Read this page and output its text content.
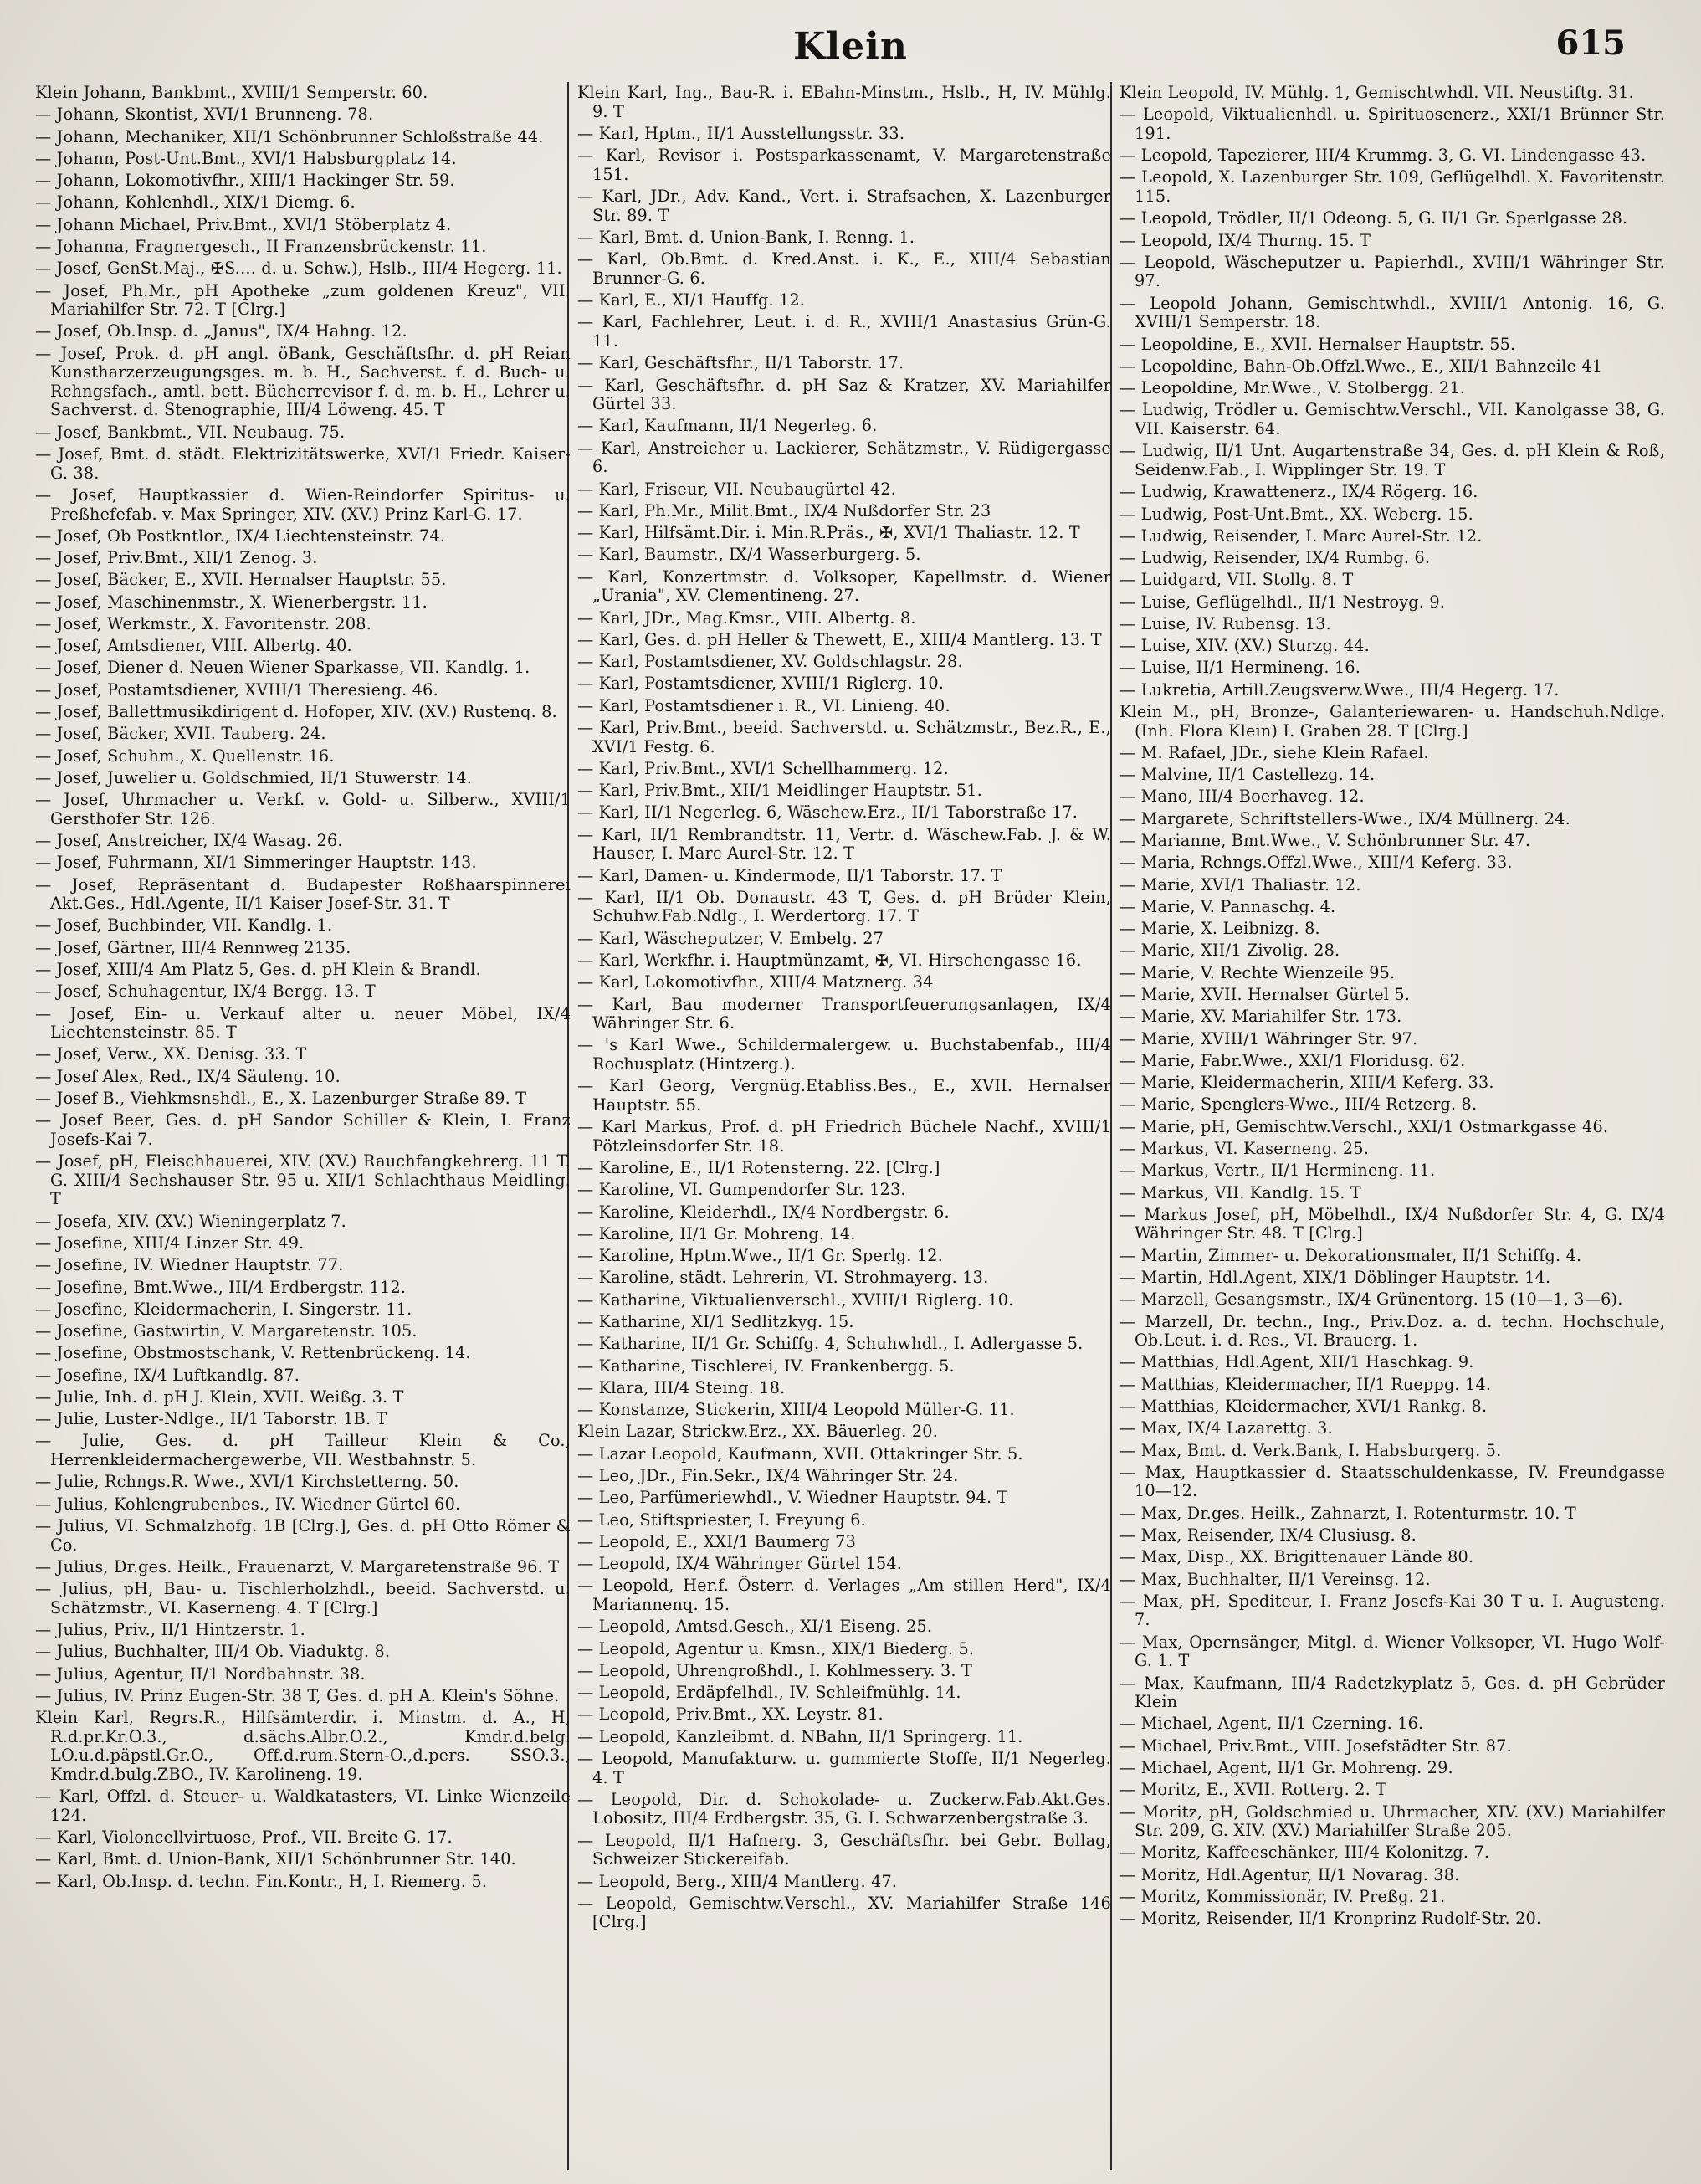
Klein	615
Klein Johann, Bankbmt., XVIII/1 Semperstr. 60.
— Johann, Skontist, XVI/1 Brunneng. 78.
— Johann, Mechaniker, XII/1 Schönbrunner Schloßstraße 44.
— Johann, Post-Unt.Bmt., XVI/1 Habsburgplatz 14.
— Johann, Lokomotivfhr., XIII/1 Hackinger Str. 59.
— Johann, Kohlenhdl., XIX/1 Diemg. 6.
— Johann Michael, Priv.Bmt., XVI/1 Stöberplatz 4.
— Johanna, Fragnergesch., II Franzensbrückenstr. 11.
— Josef, GenSt.Maj., ✠S.... d. u. Schw.), Hslb., III/4 Hegerg. 11.
— Josef, Ph.Mr., pH Apotheke „zum goldenen Kreuz", VII. Mariahilfer Str. 72. T [Clrg.]
— Josef, Ob.Insp. d. „Janus", IX/4 Hahng. 12.
— Josef, Prok. d. pH angl. öBank, Geschäftsfhr. d. pH Reian Kunstharzerzeugungsges. m. b. H., Sachverst. f. d. Buch- u. Rchngsfach., amtl. bett. Bücherrevisor f. d. m. b. H., Lehrer u. Sachverst. d. Stenographie, III/4 Löweng. 45. T
— Josef, Bankbmt., VII. Neubaug. 75.
— Josef, Bmt. d. städt. Elektrizitätswerke, XVI/1 Friedr. Kaiser-G. 38.
— Josef, Hauptkassier d. Wien-Reindorfer Spiritus- u. Preßhefefab. v. Max Springer, XIV. (XV.) Prinz Karl-G. 17.
— Josef, Ob Postkntlor., IX/4 Liechtensteinstr. 74.
— Josef, Priv.Bmt., XII/1 Zenog. 3.
— Josef, Bäcker, E., XVII. Hernalser Hauptstr. 55.
— Josef, Maschinenmstr., X. Wienerbergstr. 11.
— Josef, Werkmstr., X. Favoritenstr. 208.
— Josef, Amtsdiener, VIII. Albertg. 40.
— Josef, Diener d. Neuen Wiener Sparkasse, VII. Kandlg. 1.
— Josef, Postamtsdiener, XVIII/1 Theresieng. 46.
— Josef, Ballettmusikdirigent d. Hofoper, XIV. (XV.) Rustenq. 8.
— Josef, Bäcker, XVII. Tauberg. 24.
— Josef, Schuhm., X. Quellenstr. 16.
— Josef, Juwelier u. Goldschmied, II/1 Stuwerstr. 14.
— Josef, Uhrmacher u. Verkf. v. Gold- u. Silberw., XVIII/1 Gersthofer Str. 126.
— Josef, Anstreicher, IX/4 Wasag. 26.
— Josef, Fuhrmann, XI/1 Simmeringer Hauptstr. 143.
— Josef, Repräsentant d. Budapester Roßhaarspinnerei Akt.Ges., Hdl.Agente, II/1 Kaiser Josef-Str. 31. T
— Josef, Buchbinder, VII. Kandlg. 1.
— Josef, Gärtner, III/4 Rennweg 2135.
— Josef, XIII/4 Am Platz 5, Ges. d. pH Klein & Brandl.
— Josef, Schuhagentur, IX/4 Bergg. 13. T
— Josef, Ein- u. Verkauf alter u. neuer Möbel, IX/4 Liechtensteinstr. 85. T
— Josef, Verw., XX. Denisg. 33. T
— Josef Alex, Red., IX/4 Säuleng. 10.
— Josef B., Viehkmsnshdl., E., X. Lazenburger Straße 89. T
— Josef Beer, Ges. d. pH Sandor Schiller & Klein, I. Franz Josefs-Kai 7.
— Josef, pH, Fleischhauerei, XIV. (XV.) Rauchfangkehrerg. 11 T. G. XIII/4 Sechshauser Str. 95 u. XII/1 Schlachthaus Meidling. T
— Josefa, XIV. (XV.) Wieningerplatz 7.
— Josefine, XIII/4 Linzer Str. 49.
— Josefine, IV. Wiedner Hauptstr. 77.
— Josefine, Bmt.Wwe., III/4 Erdbergstr. 112.
— Josefine, Kleidermacherin, I. Singerstr. 11.
— Josefine, Gastwirtin, V. Margaretenstr. 105.
— Josefine, Obstmostschank, V. Rettenbrückeng. 14.
— Josefine, IX/4 Luftkandlg. 87.
— Julie, Inh. d. pH J. Klein, XVII. Weißg. 3. T
— Julie, Luster-Ndlge., II/1 Taborstr. 1B. T
— Julie, Ges. d. pH Tailleur Klein & Co., Herrenkleidermachergewerbe, VII. Westbahnstr. 5.
— Julie, Rchngs.R. Wwe., XVI/1 Kirchstetterng. 50.
— Julius, Kohlengrubenbes., IV. Wiedner Gürtel 60.
— Julius, VI. Schmalzhofg. 1B [Clrg.], Ges. d. pH Otto Römer & Co.
— Julius, Dr.ges. Heilk., Frauenarzt, V. Margaretenstraße 96. T
— Julius, pH, Bau- u. Tischlerholzhdl., beeid. Sachverstd. u. Schätzmstr., VI. Kaserneng. 4. T [Clrg.]
— Julius, Priv., II/1 Hintzerstr. 1.
— Julius, Buchhalter, III/4 Ob. Viaduktg. 8.
— Julius, Agentur, II/1 Nordbahnstr. 38.
— Julius, IV. Prinz Eugen-Str. 38 T, Ges. d. pH A. Klein's Söhne.
Klein Karl, Regrs.R., Hilfsämterdir. i. Minstm. d. A., H, R.d.pr.Kr.O.3., d.sächs.Albr.O.2., Kmdr.d.belg. LO.u.d.päpstl.Gr.O., Off.d.rum.Stern-O.,d.pers. SSO.3., Kmdr.d.bulg.ZBO., IV. Karolineng. 19.
— Karl, Offzl. d. Steuer- u. Waldkatasters, VI. Linke Wienzeile 124.
— Karl, Violoncellvirtuose, Prof., VII. Breite G. 17.
— Karl, Bmt. d. Union-Bank, XII/1 Schönbrunner Str. 140.
— Karl, Ob.Insp. d. techn. Fin.Kontr., H, I. Riemerg. 5.
Klein Karl, Ing., Bau-R. i. EBahn-Minstm., Hslb., H, IV. Mühlg. 9. T
— Karl, Hptm., II/1 Ausstellungsstr. 33.
— Karl, Revisor i. Postsparkassenamt, V. Margaretenstraße 151.
— Karl, JDr., Adv. Kand., Vert. i. Strafsachen, X. Lazenburger Str. 89. T
— Karl, Bmt. d. Union-Bank, I. Renng. 1.
— Karl, Ob.Bmt. d. Kred.Anst. i. K., E., XIII/4 Sebastian Brunner-G. 6.
— Karl, E., XI/1 Hauffg. 12.
— Karl, Fachlehrer, Leut. i. d. R., XVIII/1 Anastasius Grün-G. 11.
— Karl, Geschäftsfhr., II/1 Taborstr. 17.
— Karl, Geschäftsfhr. d. pH Saz & Kratzer, XV. Mariahilfer Gürtel 33.
— Karl, Kaufmann, II/1 Negerleg. 6.
— Karl, Anstreicher u. Lackierer, Schätzmstr., V. Rüdigergasse 6.
— Karl, Friseur, VII. Neubaugürtel 42.
— Karl, Ph.Mr., Milit.Bmt., IX/4 Nußdorfer Str. 23
— Karl, Hilfsämt.Dir. i. Min.R.Präs., ✠, XVI/1 Thaliastr. 12. T
— Karl, Baumstr., IX/4 Wasserburgerg. 5.
— Karl, Konzertmstr. d. Volksoper, Kapellmstr. d. Wiener „Urania", XV. Clementineng. 27.
— Karl, JDr., Mag.Kmsr., VIII. Albertg. 8.
— Karl, Ges. d. pH Heller & Thewett, E., XIII/4 Mantlerg. 13. T
— Karl, Postamtsdiener, XV. Goldschlagstr. 28.
— Karl, Postamtsdiener, XVIII/1 Riglerg. 10.
— Karl, Postamtsdiener i. R., VI. Linieng. 40.
— Karl, Priv.Bmt., beeid. Sachverstd. u. Schätzmstr., Bez.R., E., XVI/1 Festg. 6.
— Karl, Priv.Bmt., XVI/1 Schellhammerg. 12.
— Karl, Priv.Bmt., XII/1 Meidlinger Hauptstr. 51.
— Karl, II/1 Negerleg. 6, Wäschew.Erz., II/1 Taborstraße 17.
— Karl, II/1 Rembrandtstr. 11, Vertr. d. Wäschew.Fab. J. & W. Hauser, I. Marc Aurel-Str. 12. T
— Karl, Damen- u. Kindermode, II/1 Taborstr. 17. T
— Karl, II/1 Ob. Donaustr. 43 T, Ges. d. pH Brüder Klein, Schuhw.Fab.Ndlg., I. Werdertorg. 17. T
— Karl, Wäscheputzer, V. Embelg. 27
— Karl, Werkfhr. i. Hauptmünzamt, ✠, VI. Hirschengasse 16.
— Karl, Lokomotivfhr., XIII/4 Matznerg. 34
— Karl, Bau moderner Transportfeuerungsanlagen, IX/4 Währinger Str. 6.
— 's Karl Wwe., Schildermalergew. u. Buchstabenfab., III/4 Rochusplatz (Hintzerg.).
— Karl Georg, Vergnüg.Etabliss.Bes., E., XVII. Hernalser Hauptstr. 55.
— Karl Markus, Prof. d. pH Friedrich Büchele Nachf., XVIII/1 Pötzleinsdorfer Str. 18.
— Karoline, E., II/1 Rotensterng. 22. [Clrg.]
— Karoline, VI. Gumpendorfer Str. 123.
— Karoline, Kleiderhdl., IX/4 Nordbergstr. 6.
— Karoline, II/1 Gr. Mohreng. 14.
— Karoline, Hptm.Wwe., II/1 Gr. Sperlg. 12.
— Karoline, städt. Lehrerin, VI. Strohmayerg. 13.
— Katharine, Viktualienverschl., XVIII/1 Riglerg. 10.
— Katharine, XI/1 Sedlitzkyg. 15.
— Katharine, II/1 Gr. Schiffg. 4, Schuhwhdl., I. Adlergasse 5.
— Katharine, Tischlerei, IV. Frankenbergg. 5.
— Klara, III/4 Steing. 18.
— Konstanze, Stickerin, XIII/4 Leopold Müller-G. 11.
Klein Lazar, Strickw.Erz., XX. Bäuerleg. 20.
— Lazar Leopold, Kaufmann, XVII. Ottakringer Str. 5.
— Leo, JDr., Fin.Sekr., IX/4 Währinger Str. 24.
— Leo, Parfümeriewhdl., V. Wiedner Hauptstr. 94. T
— Leo, Stiftspriester, I. Freyung 6.
— Leopold, E., XXI/1 Baumerg 73
— Leopold, IX/4 Währinger Gürtel 154.
— Leopold, Her.f. Österr. d. Verlages „Am stillen Herd", IX/4 Mariannenq. 15.
— Leopold, Amtsd.Gesch., XI/1 Eiseng. 25.
— Leopold, Agentur u. Kmsn., XIX/1 Biederg. 5.
— Leopold, Uhrengroßhdl., I. Kohlmessery. 3. T
— Leopold, Erdäpfelhdl., IV. Schleifmühlg. 14.
— Leopold, Priv.Bmt., XX. Leystr. 81.
— Leopold, Kanzleibmt. d. NBahn, II/1 Springerg. 11.
— Leopold, Manufakturw. u. gummierte Stoffe, II/1 Negerleg. 4. T
— Leopold, Dir. d. Schokolade- u. Zuckerw.Fab.Akt.Ges. Lobositz, III/4 Erdbergstr. 35, G. I. Schwarzenbergstraße 3.
— Leopold, II/1 Hafnerg. 3, Geschäftsfhr. bei Gebr. Bollag, Schweizer Stickereifab.
— Leopold, Berg., XIII/4 Mantlerg. 47.
— Leopold, Gemischtw.Verschl., XV. Mariahilfer Straße 146 [Clrg.]
Klein Leopold, IV. Mühlg. 1, Gemischtwhdl. VII. Neustiftg. 31.
— Leopold, Viktualienhdl. u. Spirituosenerz., XXI/1 Brünner Str. 191.
— Leopold, Tapezierer, III/4 Krummg. 3, G. VI. Lindengasse 43.
— Leopold, X. Lazenburger Str. 109, Geflügelhdl. X. Favoritenstr. 115.
— Leopold, Trödler, II/1 Odeong. 5, G. II/1 Gr. Sperlgasse 28.
— Leopold, IX/4 Thurng. 15. T
— Leopold, Wäscheputzer u. Papierhdl., XVIII/1 Währinger Str. 97.
— Leopold Johann, Gemischtwhdl., XVIII/1 Antonig. 16, G. XVIII/1 Semperstr. 18.
— Leopoldine, E., XVII. Hernalser Hauptstr. 55.
— Leopoldine, Bahn-Ob.Offzl.Wwe., E., XII/1 Bahnzeile 41
— Leopoldine, Mr.Wwe., V. Stolbergg. 21.
— Ludwig, Trödler u. Gemischtw.Verschl., VII. Kanolgasse 38, G. VII. Kaiserstr. 64.
— Ludwig, II/1 Unt. Augartenstraße 34, Ges. d. pH Klein & Roß, Seidenw.Fab., I. Wipplinger Str. 19. T
— Ludwig, Krawattenerz., IX/4 Rögerg. 16.
— Ludwig, Post-Unt.Bmt., XX. Weberg. 15.
— Ludwig, Reisender, I. Marc Aurel-Str. 12.
— Ludwig, Reisender, IX/4 Rumbg. 6.
— Luidgard, VII. Stollg. 8. T
— Luise, Geflügelhdl., II/1 Nestroyg. 9.
— Luise, IV. Rubensg. 13.
— Luise, XIV. (XV.) Sturzg. 44.
— Luise, II/1 Hermineng. 16.
— Lukretia, Artill.Zeugsverw.Wwe., III/4 Hegerg. 17.
Klein M., pH, Bronze-, Galanteriewaren- u. Handschuh.Ndlge. (Inh. Flora Klein) I. Graben 28. T [Clrg.]
— M. Rafael, JDr., siehe Klein Rafael.
— Malvine, II/1 Castellezg. 14.
— Mano, III/4 Boerhaveg. 12.
— Margarete, Schriftstellers-Wwe., IX/4 Müllnerg. 24.
— Marianne, Bmt.Wwe., V. Schönbrunner Str. 47.
— Maria, Rchngs.Offzl.Wwe., XIII/4 Keferg. 33.
— Marie, XVI/1 Thaliastr. 12.
— Marie, V. Pannaschg. 4.
— Marie, X. Leibnizg. 8.
— Marie, XII/1 Zivolig. 28.
— Marie, V. Rechte Wienzeile 95.
— Marie, XVII. Hernalser Gürtel 5.
— Marie, XV. Mariahilfer Str. 173.
— Marie, XVIII/1 Währinger Str. 97.
— Marie, Fabr.Wwe., XXI/1 Floridusg. 62.
— Marie, Kleidermacherin, XIII/4 Keferg. 33.
— Marie, Spenglers-Wwe., III/4 Retzerg. 8.
— Marie, pH, Gemischtw.Verschl., XXI/1 Ostmarkgasse 46.
— Markus, VI. Kaserneng. 25.
— Markus, Vertr., II/1 Hermineng. 11.
— Markus, VII. Kandlg. 15. T
— Markus Josef, pH, Möbelhdl., IX/4 Nußdorfer Str. 4, G. IX/4 Währinger Str. 48. T [Clrg.]
— Martin, Zimmer- u. Dekorationsmaler, II/1 Schiffg. 4.
— Martin, Hdl.Agent, XIX/1 Döblinger Hauptstr. 14.
— Marzell, Gesangsmstr., IX/4 Grünentorg. 15 (10—1, 3—6).
— Marzell, Dr. techn., Ing., Priv.Doz. a. d. techn. Hochschule, Ob.Leut. i. d. Res., VI. Brauerg. 1.
— Matthias, Hdl.Agent, XII/1 Haschkag. 9.
— Matthias, Kleidermacher, II/1 Rueppg. 14.
— Matthias, Kleidermacher, XVI/1 Rankg. 8.
— Max, IX/4 Lazarettg. 3.
— Max, Bmt. d. Verk.Bank, I. Habsburgerg. 5.
— Max, Hauptkassier d. Staatsschuldenkasse, IV. Freundgasse 10—12.
— Max, Dr.ges. Heilk., Zahnarzt, I. Rotenturmstr. 10. T
— Max, Reisender, IX/4 Clusiusg. 8.
— Max, Disp., XX. Brigittenauer Lände 80.
— Max, Buchhalter, II/1 Vereinsg. 12.
— Max, pH, Spediteur, I. Franz Josefs-Kai 30 T u. I. Augusteng. 7.
— Max, Opernsänger, Mitgl. d. Wiener Volksoper, VI. Hugo Wolf-G. 1. T
— Max, Kaufmann, III/4 Radetzkyplatz 5, Ges. d. pH Gebrüder Klein
— Michael, Agent, II/1 Czerning. 16.
— Michael, Priv.Bmt., VIII. Josefstädter Str. 87.
— Michael, Agent, II/1 Gr. Mohreng. 29.
— Moritz, E., XVII. Rotterg. 2. T
— Moritz, pH, Goldschmied u. Uhrmacher, XIV. (XV.) Mariahilfer Str. 209, G. XIV. (XV.) Mariahilfer Straße 205.
— Moritz, Kaffeeschänker, III/4 Kolonitzg. 7.
— Moritz, Hdl.Agentur, II/1 Novarag. 38.
— Moritz, Kommissionär, IV. Preßg. 21.
— Moritz, Reisender, II/1 Kronprinz Rudolf-Str. 20.
